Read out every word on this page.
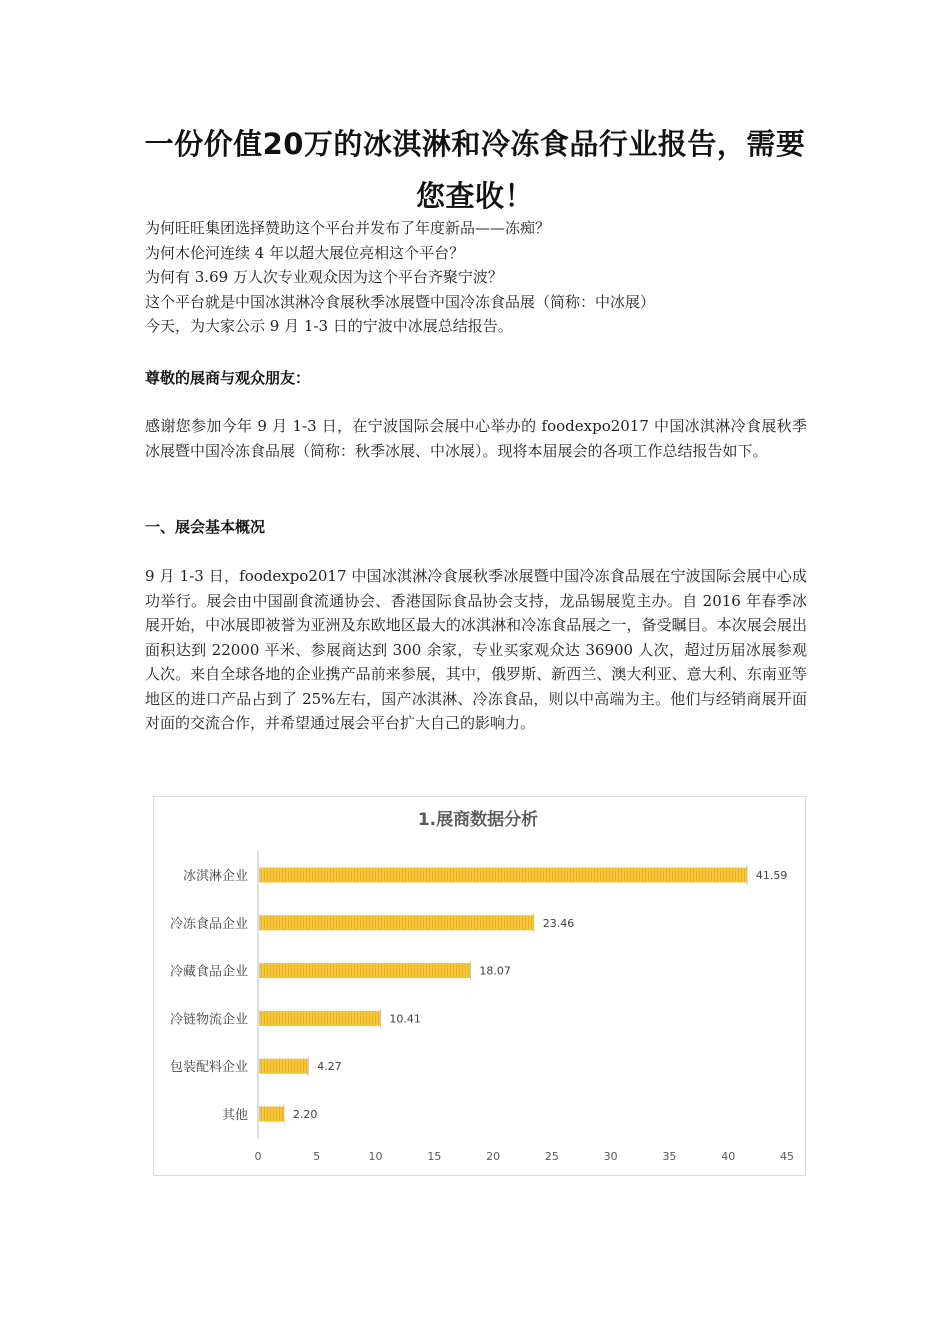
一份价值20万的冰淇淋和冷冻食品行业报告，需要您查收！
为何旺旺集团选择赞助这个平台并发布了年度新品——冻痴？
为何木伦河连续 4 年以超大展位亮相这个平台？
为何有 3.69 万人次专业观众因为这个平台齐聚宁波？
这个平台就是中国冰淇淋冷食展秋季冰展暨中国冷冻食品展（简称：中冰展）
今天，为大家公示 9 月 1-3 日的宁波中冰展总结报告。
尊敬的展商与观众朋友：
感谢您参加今年 9 月 1-3 日，在宁波国际会展中心举办的 foodexpo2017 中国冰淇淋冷食展秋季冰展暨中国冷冻食品展（简称：秋季冰展、中冰展）。现将本届展会的各项工作总结报告如下。
一、展会基本概况
9 月 1-3 日，foodexpo2017 中国冰淇淋冷食展秋季冰展暨中国冷冻食品展在宁波国际会展中心成功举行。展会由中国副食流通协会、香港国际食品协会支持，龙品锡展览主办。自 2016 年春季冰展开始，中冰展即被誉为亚洲及东欧地区最大的冰淇淋和冷冻食品展之一，备受瞩目。本次展会展出面积达到 22000 平米、参展商达到 300 余家，专业买家观众达 36900 人次，超过历届冰展参观人次。来自全球各地的企业携产品前来参展，其中，俄罗斯、新西兰、澳大利亚、意大利、东南亚等地区的进口产品占到了 25%左右，国产冰淇淋、冷冻食品，则以中高端为主。他们与经销商展开面对面的交流合作，并希望通过展会平台扩大自己的影响力。
1.展商数据分析
冰淇淋企业	41.59
冷冻食品企业	23.46
冷藏食品企业	18.07
冷链物流企业	10.41
包装配料企业	4.27
其他	2.20
0	5	10	15	20	25	30	35	40	45
